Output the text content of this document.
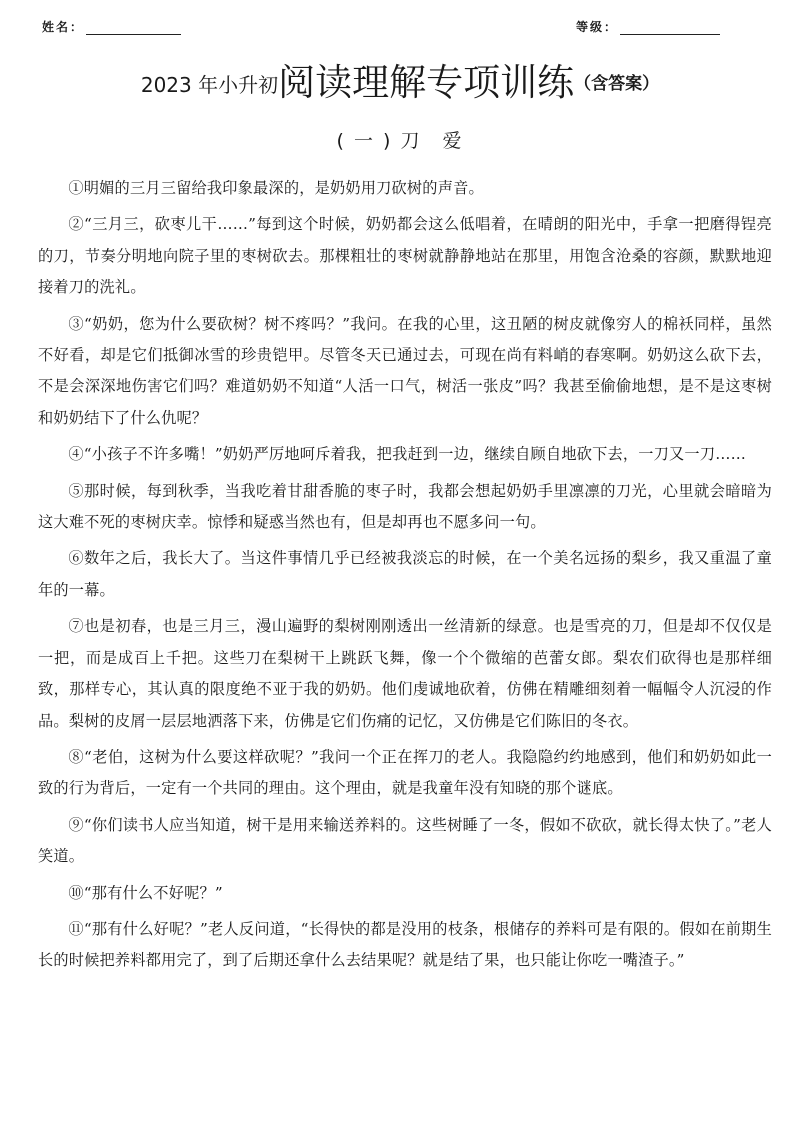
姓名：	等级：
2023 年小升初阅读理解专项训练（含答案）
( 一 ) 刀　爱

①明媚的三月三留给我印象最深的，是奶奶用刀砍树的声音。

②“三月三，砍枣儿干……”每到这个时候，奶奶都会这么低唱着，在晴朗的阳光中，手拿一把磨得锃亮的刀，节奏分明地向院子里的枣树砍去。那棵粗壮的枣树就静静地站在那里，用饱含沧桑的容颜，默默地迎接着刀的洗礼。

③“奶奶，您为什么要砍树？树不疼吗？”我问。在我的心里，这丑陋的树皮就像穷人的棉袄同样，虽然不好看，却是它们抵御冰雪的珍贵铠甲。尽管冬天已通过去，可现在尚有料峭的春寒啊。奶奶这么砍下去，不是会深深地伤害它们吗？难道奶奶不知道“人活一口气，树活一张皮”吗？我甚至偷偷地想，是不是这枣树和奶奶结下了什么仇呢？

④“小孩子不许多嘴！”奶奶严厉地呵斥着我，把我赶到一边，继续自顾自地砍下去，一刀又一刀……

⑤那时候，每到秋季，当我吃着甘甜香脆的枣子时，我都会想起奶奶手里凛凛的刀光，心里就会暗暗为这大难不死的枣树庆幸。惊悸和疑惑当然也有，但是却再也不愿多问一句。

⑥数年之后，我长大了。当这件事情几乎已经被我淡忘的时候，在一个美名远扬的梨乡，我又重温了童年的一幕。

⑦也是初春，也是三月三，漫山遍野的梨树刚刚透出一丝清新的绿意。也是雪亮的刀，但是却不仅仅是一把，而是成百上千把。这些刀在梨树干上跳跃飞舞，像一个个微缩的芭蕾女郎。梨农们砍得也是那样细致，那样专心，其认真的限度绝不亚于我的奶奶。他们虔诚地砍着，仿佛在精雕细刻着一幅幅令人沉浸的作品。梨树的皮屑一层层地洒落下来，仿佛是它们伤痛的记忆，又仿佛是它们陈旧的冬衣。

⑧“老伯，这树为什么要这样砍呢？”我问一个正在挥刀的老人。我隐隐约约地感到，他们和奶奶如此一致的行为背后，一定有一个共同的理由。这个理由，就是我童年没有知晓的那个谜底。

⑨“你们读书人应当知道，树干是用来输送养料的。这些树睡了一冬，假如不砍砍，就长得太快了。”老人笑道。

⑩“那有什么不好呢？”

⑪“那有什么好呢？”老人反问道，“长得快的都是没用的枝条，根储存的养料可是有限的。假如在前期生长的时候把养料都用完了，到了后期还拿什么去结果呢？就是结了果，也只能让你吃一嘴渣子。”
